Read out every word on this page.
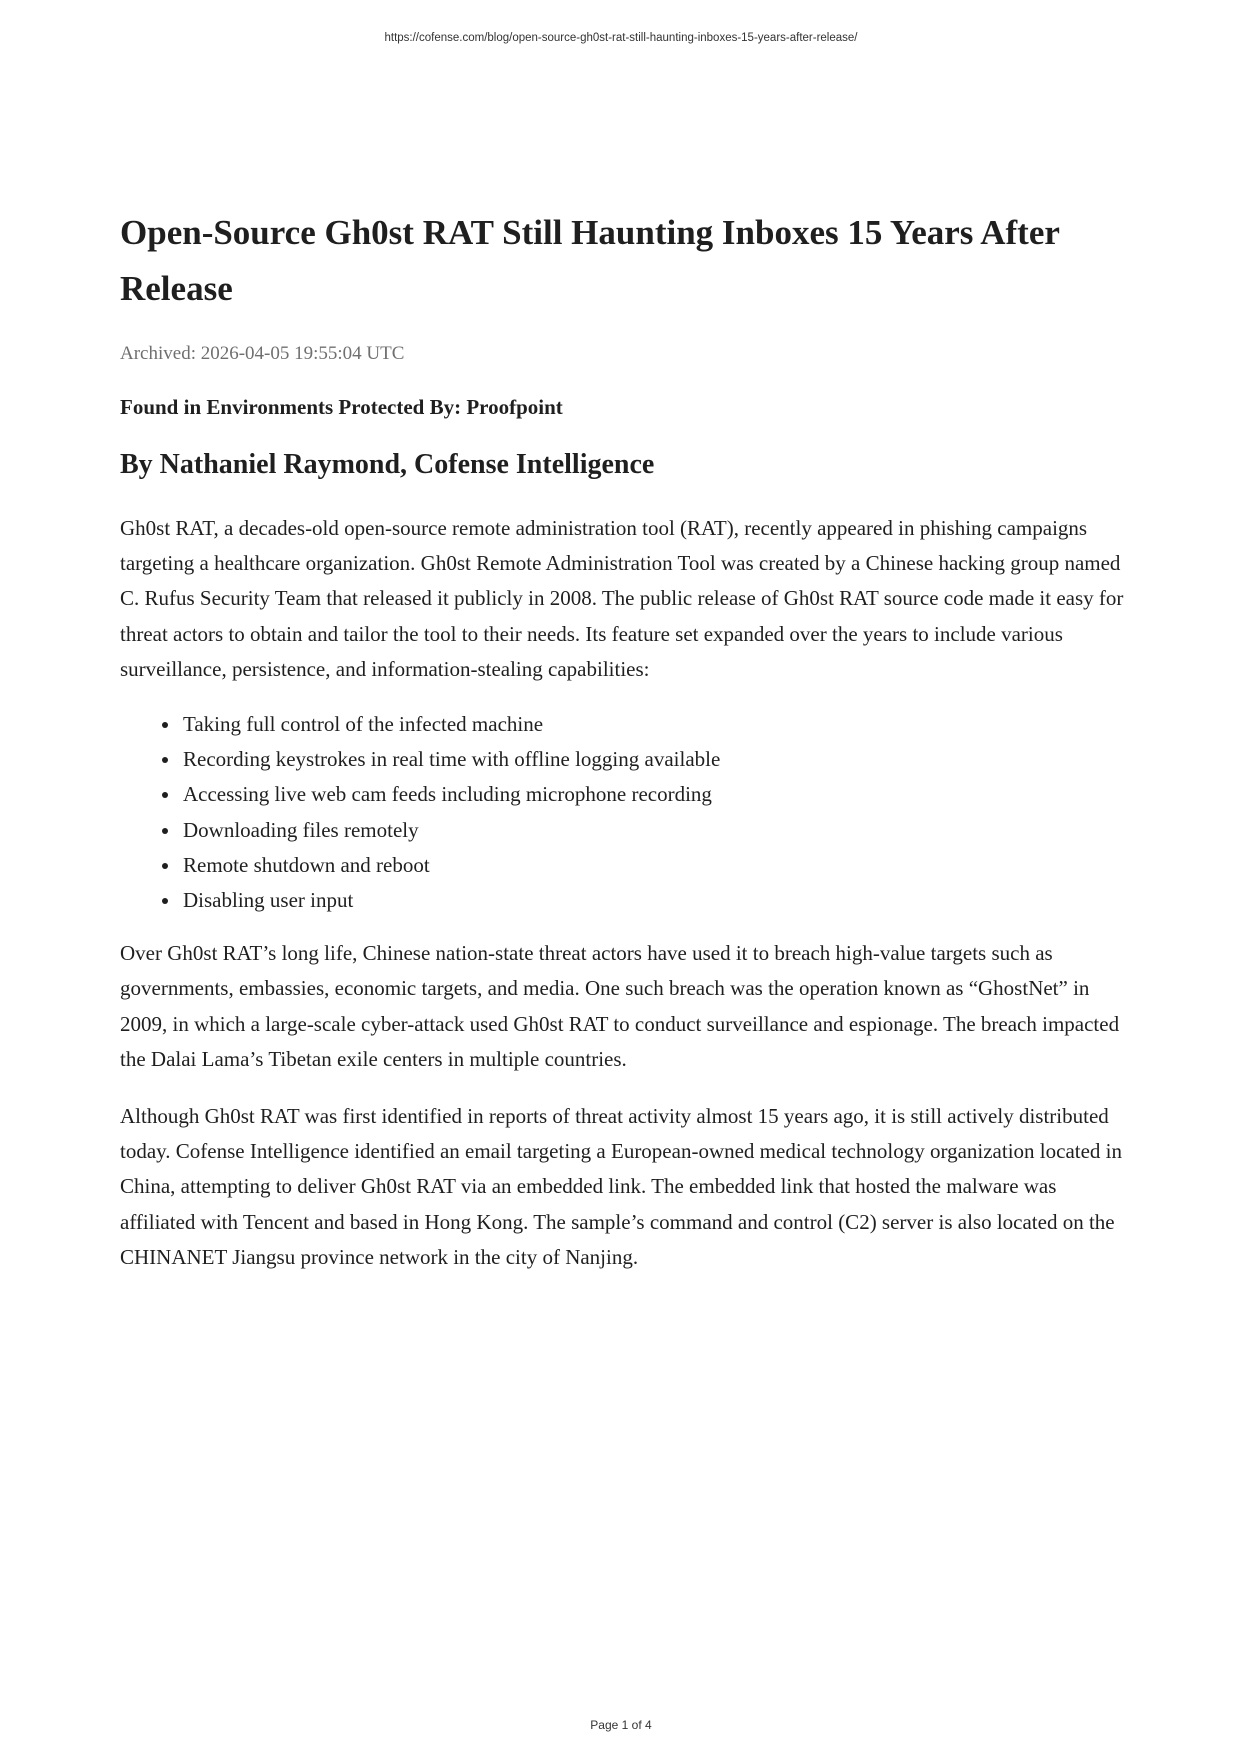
https://cofense.com/blog/open-source-gh0st-rat-still-haunting-inboxes-15-years-after-release/
Open-Source Gh0st RAT Still Haunting Inboxes 15 Years After Release

Archived: 2026-04-05 19:55:04 UTC

Found in Environments Protected By: Proofpoint

By Nathaniel Raymond, Cofense Intelligence

Gh0st RAT, a decades-old open-source remote administration tool (RAT), recently appeared in phishing campaigns targeting a healthcare organization. Gh0st Remote Administration Tool was created by a Chinese hacking group named C. Rufus Security Team that released it publicly in 2008. The public release of Gh0st RAT source code made it easy for threat actors to obtain and tailor the tool to their needs. Its feature set expanded over the years to include various surveillance, persistence, and information-stealing capabilities:

Taking full control of the infected machine
Recording keystrokes in real time with offline logging available
Accessing live web cam feeds including microphone recording
Downloading files remotely
Remote shutdown and reboot
Disabling user input

Over Gh0st RAT’s long life, Chinese nation-state threat actors have used it to breach high-value targets such as governments, embassies, economic targets, and media. One such breach was the operation known as “GhostNet” in 2009, in which a large-scale cyber-attack used Gh0st RAT to conduct surveillance and espionage. The breach impacted the Dalai Lama’s Tibetan exile centers in multiple countries.

Although Gh0st RAT was first identified in reports of threat activity almost 15 years ago, it is still actively distributed today. Cofense Intelligence identified an email targeting a European-owned medical technology organization located in China, attempting to deliver Gh0st RAT via an embedded link. The embedded link that hosted the malware was affiliated with Tencent and based in Hong Kong. The sample’s command and control (C2) server is also located on the CHINANET Jiangsu province network in the city of Nanjing.

Page 1 of 4
